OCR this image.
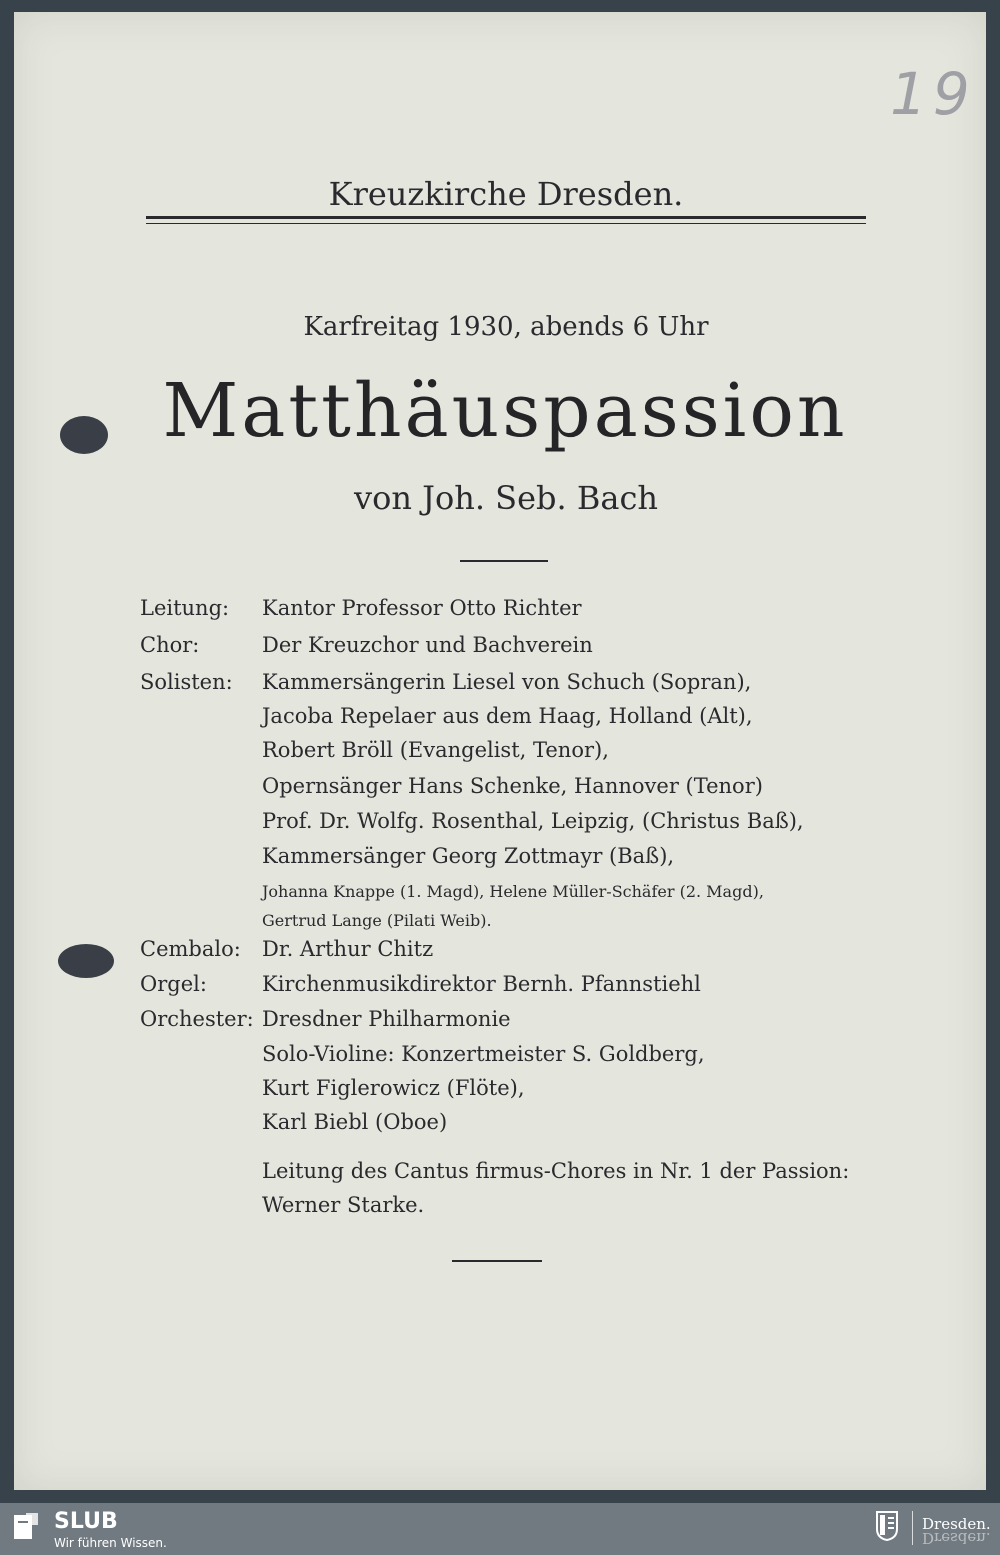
19
Kreuzkirche Dresden.
Karfreitag 1930, abends 6 Uhr
Matthäuspassion
von Joh. Seb. Bach
Leitung: Kantor Professor Otto Richter
Chor:	Der Kreuzchor und Bachverein
Solisten: Kammersängerin Liesel von Schuch (Sopran),
Jacoba Repelaer aus dem Haag, Holland (Alt),
Robert Bröll (Evangelist, Tenor),
Opernsänger Hans Schenke, Hannover (Tenor)
Prof. Dr. Wolfg. Rosenthal, Leipzig, (Christus Baß),
Kammersänger Georg Zottmayr (Baß),
Johanna Knappe (1. Magd), Helene Müller-Schäfer (2. Magd),
Gertrud Lange (Pilati Weib).
Cembalo: Dr. Arthur Chitz
Orgel:	Kirchenmusikdirektor Bernh. Pfannstiehl
Orchester: Dresdner Philharmonie
Solo-Violine: Konzertmeister S. Goldberg,
Kurt Figlerowicz (Flöte),
Karl Biebl (Oboe)
Leitung des Cantus firmus-Chores in Nr. 1 der Passion:
Werner Starke.
SLUB
Wir führen Wissen.
Dresden.
Dresden.
